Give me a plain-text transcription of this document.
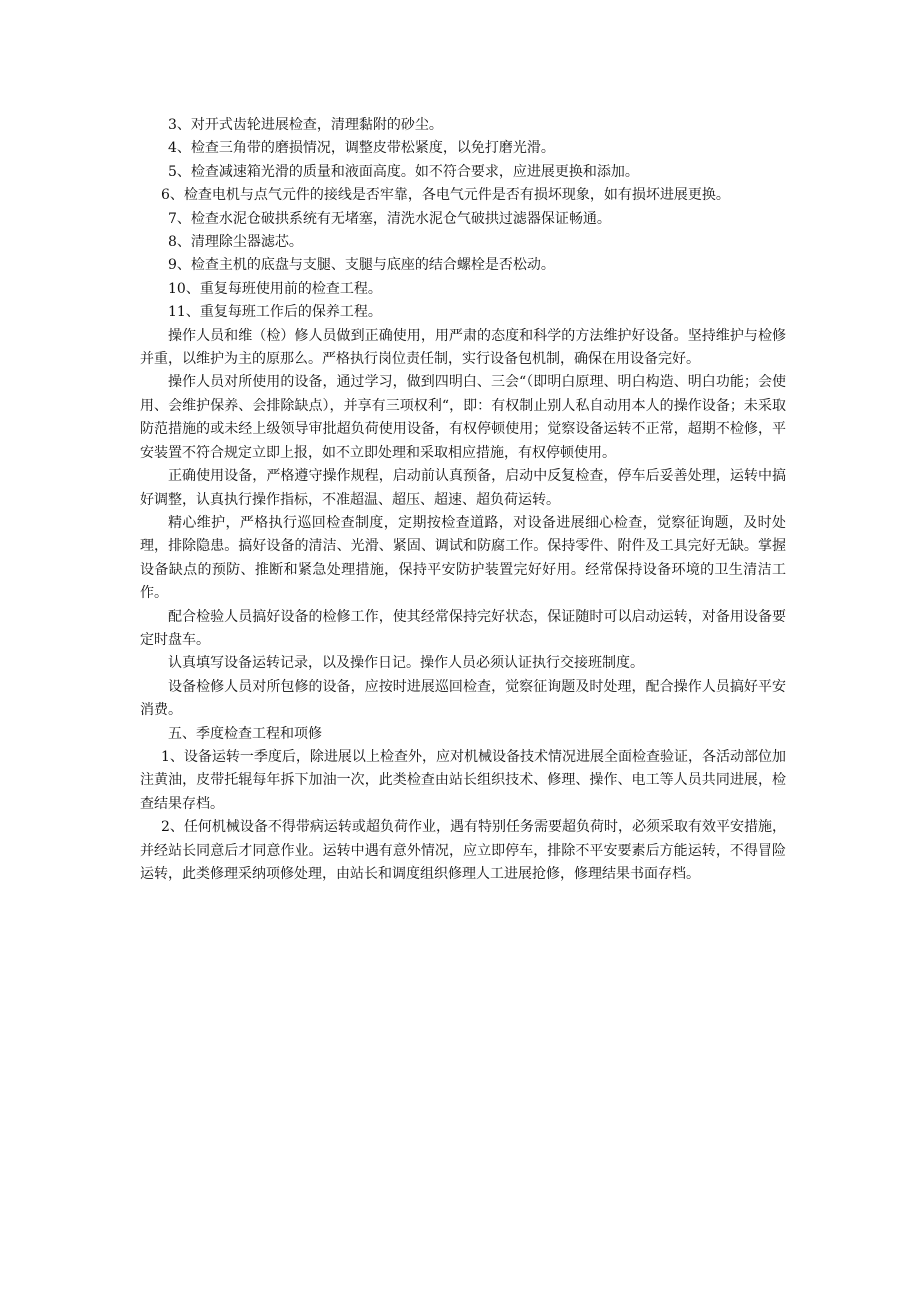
3、对开式齿轮进展检查，清理黏附的砂尘。

4、检查三角带的磨损情况，调整皮带松紧度，以免打磨光滑。

5、检查减速箱光滑的质量和液面高度。如不符合要求，应进展更换和添加。

6、检查电机与点气元件的接线是否牢靠，各电气元件是否有损坏现象，如有损坏进展更换。

7、检查水泥仓破拱系统有无堵塞，清洗水泥仓气破拱过滤器保证畅通。

8、清理除尘器滤芯。

9、检查主机的底盘与支腿、支腿与底座的结合螺栓是否松动。

10、重复每班使用前的检查工程。

11、重复每班工作后的保养工程。

操作人员和维（检）修人员做到正确使用，用严肃的态度和科学的方法维护好设备。坚持维护与检修并重，以维护为主的原那么。严格执行岗位责任制，实行设备包机制，确保在用设备完好。

操作人员对所使用的设备，通过学习，做到四明白、三会“（即明白原理、明白构造、明白功能；会使用、会维护保养、会排除缺点），并享有三项权利“，即：有权制止别人私自动用本人的操作设备；未采取防范措施的或未经上级领导审批超负荷使用设备，有权停顿使用；觉察设备运转不正常，超期不检修，平安装置不符合规定立即上报，如不立即处理和采取相应措施，有权停顿使用。

正确使用设备，严格遵守操作规程，启动前认真预备，启动中反复检查，停车后妥善处理，运转中搞好调整，认真执行操作指标，不准超温、超压、超速、超负荷运转。

精心维护，严格执行巡回检查制度，定期按检查道路，对设备进展细心检查，觉察征询题，及时处理，排除隐患。搞好设备的清洁、光滑、紧固、调试和防腐工作。保持零件、附件及工具完好无缺。掌握设备缺点的预防、推断和紧急处理措施，保持平安防护装置完好好用。经常保持设备环境的卫生清洁工作。

配合检验人员搞好设备的检修工作，使其经常保持完好状态，保证随时可以启动运转，对备用设备要定时盘车。

认真填写设备运转记录，以及操作日记。操作人员必须认证执行交接班制度。

设备检修人员对所包修的设备，应按时进展巡回检查，觉察征询题及时处理，配合操作人员搞好平安消费。

五、季度检查工程和项修

1、设备运转一季度后，除进展以上检查外，应对机械设备技术情况进展全面检查验证，各活动部位加注黄油，皮带托辊每年拆下加油一次，此类检查由站长组织技术、修理、操作、电工等人员共同进展，检查结果存档。

2、任何机械设备不得带病运转或超负荷作业，遇有特别任务需要超负荷时，必须采取有效平安措施，并经站长同意后才同意作业。运转中遇有意外情况，应立即停车，排除不平安要素后方能运转，不得冒险运转，此类修理采纳项修处理，由站长和调度组织修理人工进展抢修，修理结果书面存档。
